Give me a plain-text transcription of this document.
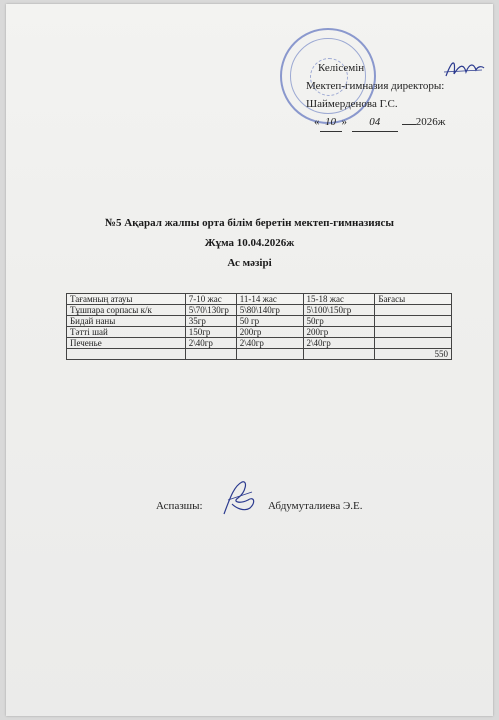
Келісемін
Мектеп-гимназия директоры:
Шаймерденова Г.С.
« 10 » 04	2026ж
№5 Ақарал жалпы орта білім беретін мектеп-гимназиясы
Жұма 10.04.2026ж
Ас мәзірі
Тағамның атауы	7-10 жас	11-14 жас	15-18 жас	Бағасы
Тұшпара сорпасы к/к	5\70\130гр	5\80\140гр	5\100\150гр	
Бидай наны	35гр	50 гр	50гр	
Тәтті шай	150гр	200гр	200гр	
Печенье	2\40гр	2\40гр	2\40гр	
				550
Аспазшы:	Абдуму​талиева Э.Е.
